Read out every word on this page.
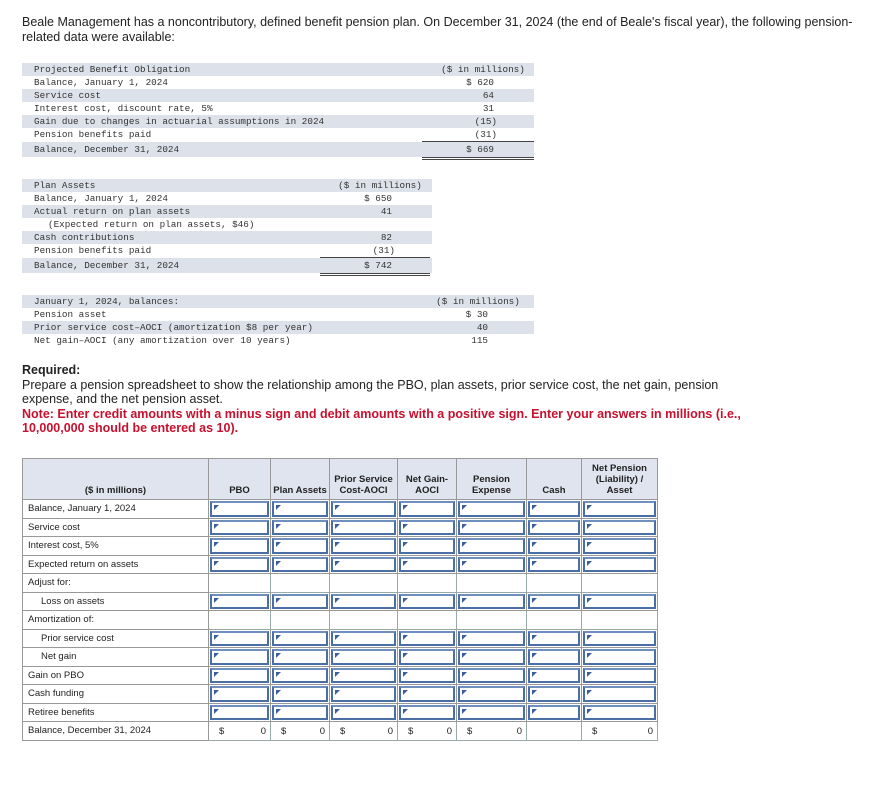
Beale Management has a noncontributory, defined benefit pension plan. On December 31, 2024 (the end of Beale's fiscal year), the following pension-related data were available:
Projected Benefit Obligation	($ in millions)
Balance, January 1, 2024	$ 620
Service cost	64
Interest cost, discount rate, 5%	31
Gain due to changes in actuarial assumptions in 2024	(15)
Pension benefits paid	(31)
Balance, December 31, 2024	$ 669
Plan Assets	($ in millions)
Balance, January 1, 2024	$ 650
Actual return on plan assets	41
(Expected return on plan assets, $46)
Cash contributions	82
Pension benefits paid	(31)
Balance, December 31, 2024	$ 742
January 1, 2024, balances:	($ in millions)
Pension asset	$ 30
Prior service cost–AOCI (amortization $8 per year)	40
Net gain–AOCI (any amortization over 10 years)	115
Required:
Prepare a pension spreadsheet to show the relationship among the PBO, plan assets, prior service cost, the net gain, pension expense, and the net pension asset.
Note: Enter credit amounts with a minus sign and debit amounts with a positive sign. Enter your answers in millions (i.e., 10,000,000 should be entered as 10).
($ in millions)	PBO	Plan Assets	Prior Service Cost-AOCI	Net Gain-AOCI	Pension Expense	Cash	Net Pension (Liability) / Asset
Balance, January 1, 2024	

Service cost	

Interest cost, 5%	

Expected return on assets	

Adjust for:							
Loss on assets	

Amortization of:							
Prior service cost	

Net gain	

Gain on PBO	

Cash funding	

Retiree benefits	

Balance, December 31, 2024	$ 0	$ 0	$ 0	$ 0	$ 0		$ 0
